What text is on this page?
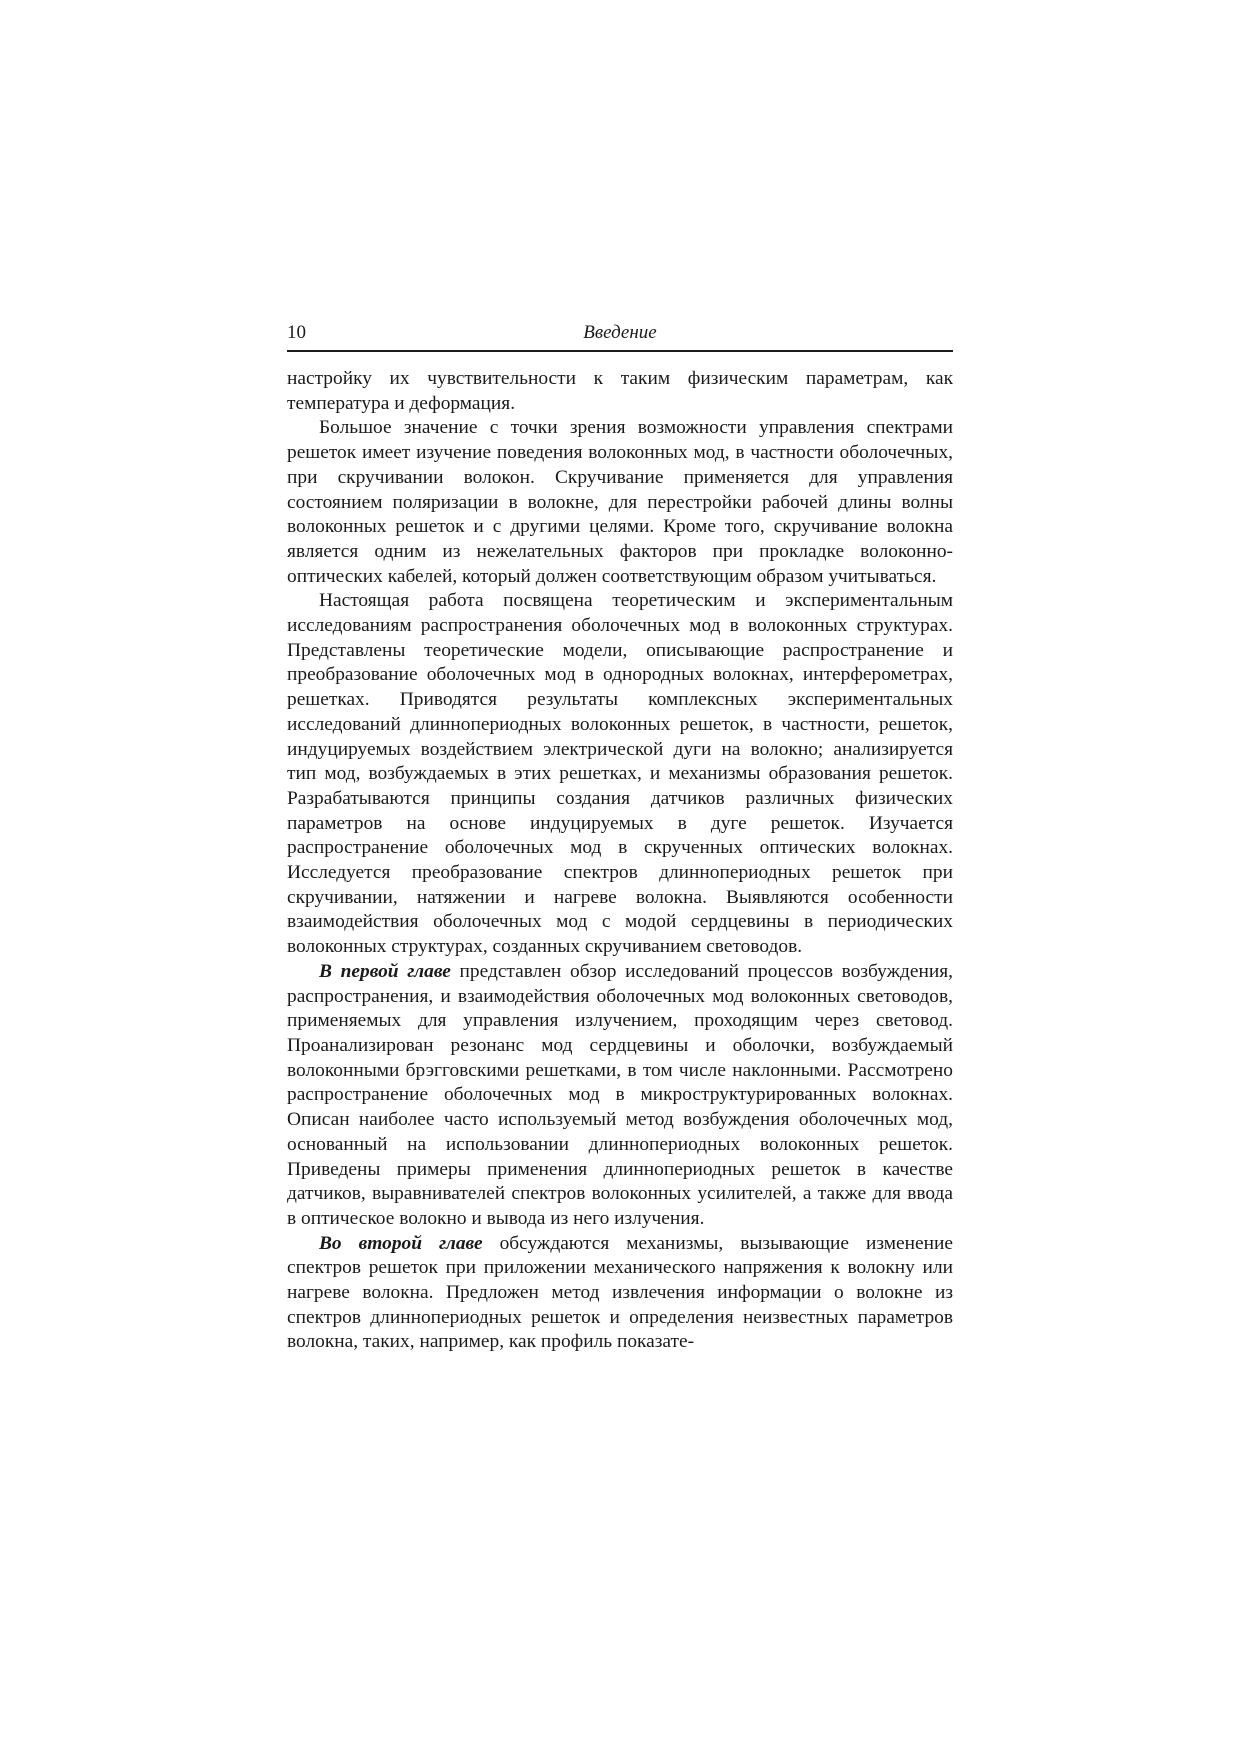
10	Введение

настройку их чувствительности к таким физическим параметрам, как температура и деформация.

Большое значение с точки зрения возможности управления спектрами решеток имеет изучение поведения волоконных мод, в частности оболочечных, при скручивании волокон. Скручивание применяется для управления состоянием поляризации в волокне, для перестройки рабочей длины волны волоконных решеток и с другими целями. Кроме того, скручивание волокна является одним из нежелательных факторов при прокладке волоконно-оптических кабелей, который должен соответствующим образом учитываться.

Настоящая работа посвящена теоретическим и экспериментальным исследованиям распространения оболочечных мод в волоконных структурах. Представлены теоретические модели, описывающие распространение и преобразование оболочечных мод в однородных волокнах, интерферометрах, решетках. Приводятся результаты комплексных экспериментальных исследований длиннопериодных волоконных решеток, в частности, решеток, индуцируемых воздействием электрической дуги на волокно; анализируется тип мод, возбуждаемых в этих решетках, и механизмы образования решеток. Разрабатываются принципы создания датчиков различных физических параметров на основе индуцируемых в дуге решеток. Изучается распространение оболочечных мод в скрученных оптических волокнах. Исследуется преобразование спектров длиннопериодных решеток при скручивании, натяжении и нагреве волокна. Выявляются особенности взаимодействия оболочечных мод с модой сердцевины в периодических волоконных структурах, созданных скручиванием световодов.

В первой главе представлен обзор исследований процессов возбуждения, распространения, и взаимодействия оболочечных мод волоконных световодов, применяемых для управления излучением, проходящим через световод. Проанализирован резонанс мод сердцевины и оболочки, возбуждаемый волоконными брэгговскими решетками, в том числе наклонными. Рассмотрено распространение оболочечных мод в микроструктурированных волокнах. Описан наиболее часто используемый метод возбуждения оболочечных мод, основанный на использовании длиннопериодных волоконных решеток. Приведены примеры применения длиннопериодных решеток в качестве датчиков, выравнивателей спектров волоконных усилителей, а также для ввода в оптическое волокно и вывода из него излучения.

Во второй главе обсуждаются механизмы, вызывающие изменение спектров решеток при приложении механического напряжения к волокну или нагреве волокна. Предложен метод извлечения информации о волокне из спектров длиннопериодных решеток и определения неизвестных параметров волокна, таких, например, как профиль показате-
